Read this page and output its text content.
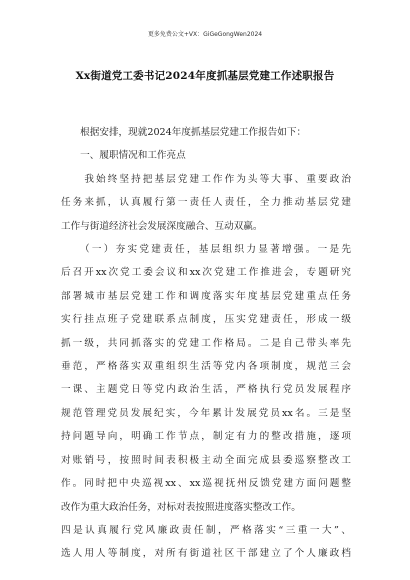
更多免费公文+VX：GiGeGongWen2024
Xx街道党工委书记2024年度抓基层党建工作述职报告
　　根据安排，现就2024年度抓基层党建工作报告如下：
　　一、履职情况和工作亮点
　　我始终坚持把基层党建工作作为头等大事、重要政治
任务来抓，认真履行第一责任人责任，全力推动基层党建
工作与街道经济社会发展深度融合、互动双赢。
　　（一）夯实党建责任，基层组织力显著增强。一是先
后召开xx次党工委会议和xx次党建工作推进会，专题研究
部署城市基层党建工作和调度落实年度基层党建重点任务
实行挂点班子党建联系点制度，压实党建责任，形成一级
抓一级，共同抓落实的党建工作格局。二是自己带头率先
垂范，严格落实双重组织生活等党内各项制度，规范三会
一课、主题党日等党内政治生活，严格执行党员发展程序
规范管理党员发展纪实，今年累计发展党员xx名。三是坚
持问题导向，明确工作节点，制定有力的整改措施，逐项
对账销号，按照时间表积极主动全面完成县委巡察整改工
作。同时把中央巡视xx、xx巡视抚州反馈党建方面问题整
改作为重大政治任务，对标对表按照进度落实整改工作。
四是认真履行党风廉政责任制，严格落实“三重一大”、
选人用人等制度，对所有街道社区干部建立了个人廉政档
